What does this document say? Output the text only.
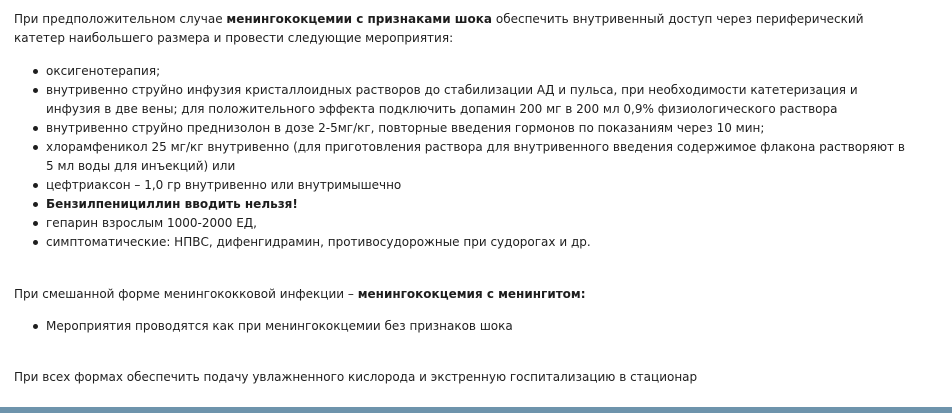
При предположительном случае менингококцемии с признаками шока обеспечить внутривенный доступ через периферический катетер наибольшего размера и провести следующие мероприятия:

оксигенотерапия;
внутривенно струйно инфузия кристаллоидных растворов до стабилизации АД и пульса, при необходимости катетеризация и инфузия в две вены; для положительного эффекта подключить допамин 200 мг в 200 мл 0,9% физиологического раствора
внутривенно струйно преднизолон в дозе 2-5мг/кг, повторные введения гормонов по показаниям через 10 мин;
хлорамфеникол 25 мг/кг внутривенно (для приготовления раствора для внутривенного введения содержимое флакона растворяют в 5 мл воды для инъекций) или
цефтриаксон – 1,0 гр внутривенно или внутримышечно
Бензилпенициллин вводить нельзя!
гепарин взрослым 1000-2000 ЕД,
симптоматические: НПВС, дифенгидрамин, противосудорожные при судорогах и др.

При смешанной форме менингококковой инфекции – менингококцемия с менингитом:

Мероприятия проводятся как при менингококцемии без признаков шока

При всех формах обеспечить подачу увлажненного кислорода и экстренную госпитализацию в стационар
